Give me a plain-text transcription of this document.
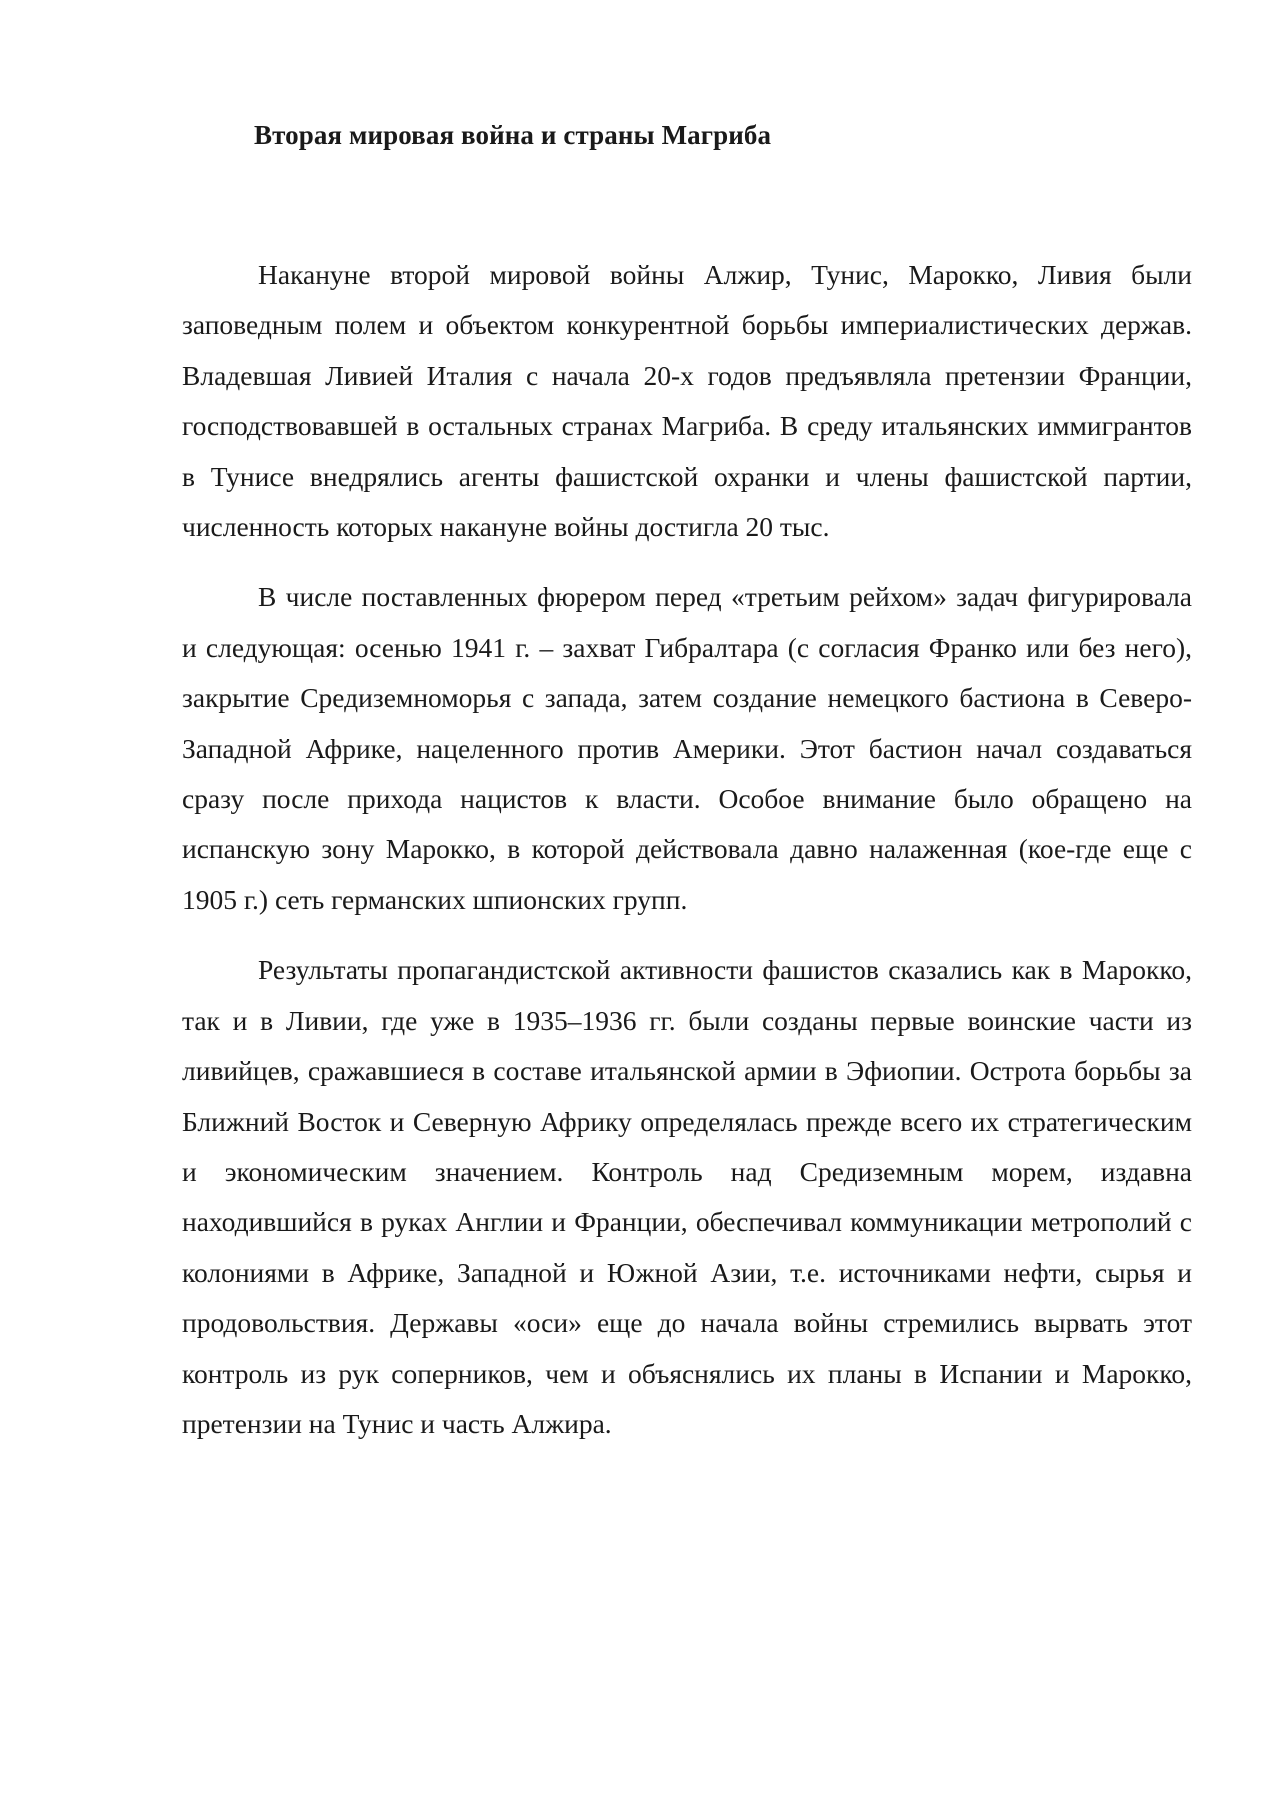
Вторая мировая война и страны Магриба

Накануне второй мировой войны Алжир, Тунис, Марокко, Ливия были заповедным полем и объектом конкурентной борьбы империалистических держав. Владевшая Ливией Италия с начала 20-х годов предъявляла претензии Франции, господствовавшей в остальных странах Магриба. В среду итальянских иммигрантов в Тунисе внедрялись агенты фашистской охранки и члены фашистской партии, численность которых накануне войны достигла 20 тыс.

В числе поставленных фюрером перед «третьим рейхом» задач фигурировала и следующая: осенью 1941 г. – захват Гибралтара (с согласия Франко или без него), закрытие Средиземноморья с запада, затем создание немецкого бастиона в Северо-Западной Африке, нацеленного против Америки. Этот бастион начал создаваться сразу после прихода нацистов к власти. Особое внимание было обращено на испанскую зону Марокко, в которой действовала давно налаженная (кое-где еще с 1905 г.) сеть германских шпионских групп.

Результаты пропагандистской активности фашистов сказались как в Марокко, так и в Ливии, где уже в 1935–1936 гг. были созданы первые воинские части из ливийцев, сражавшиеся в составе итальянской армии в Эфиопии. Острота борьбы за Ближний Восток и Северную Африку определялась прежде всего их стратегическим и экономическим значением. Контроль над Средиземным морем, издавна находившийся в руках Англии и Франции, обеспечивал коммуникации метрополий с колониями в Африке, Западной и Южной Азии, т.е. источниками нефти, сырья и продовольствия. Державы «оси» еще до начала войны стремились вырвать этот контроль из рук соперников, чем и объяснялись их планы в Испании и Марокко, претензии на Тунис и часть Алжира.
